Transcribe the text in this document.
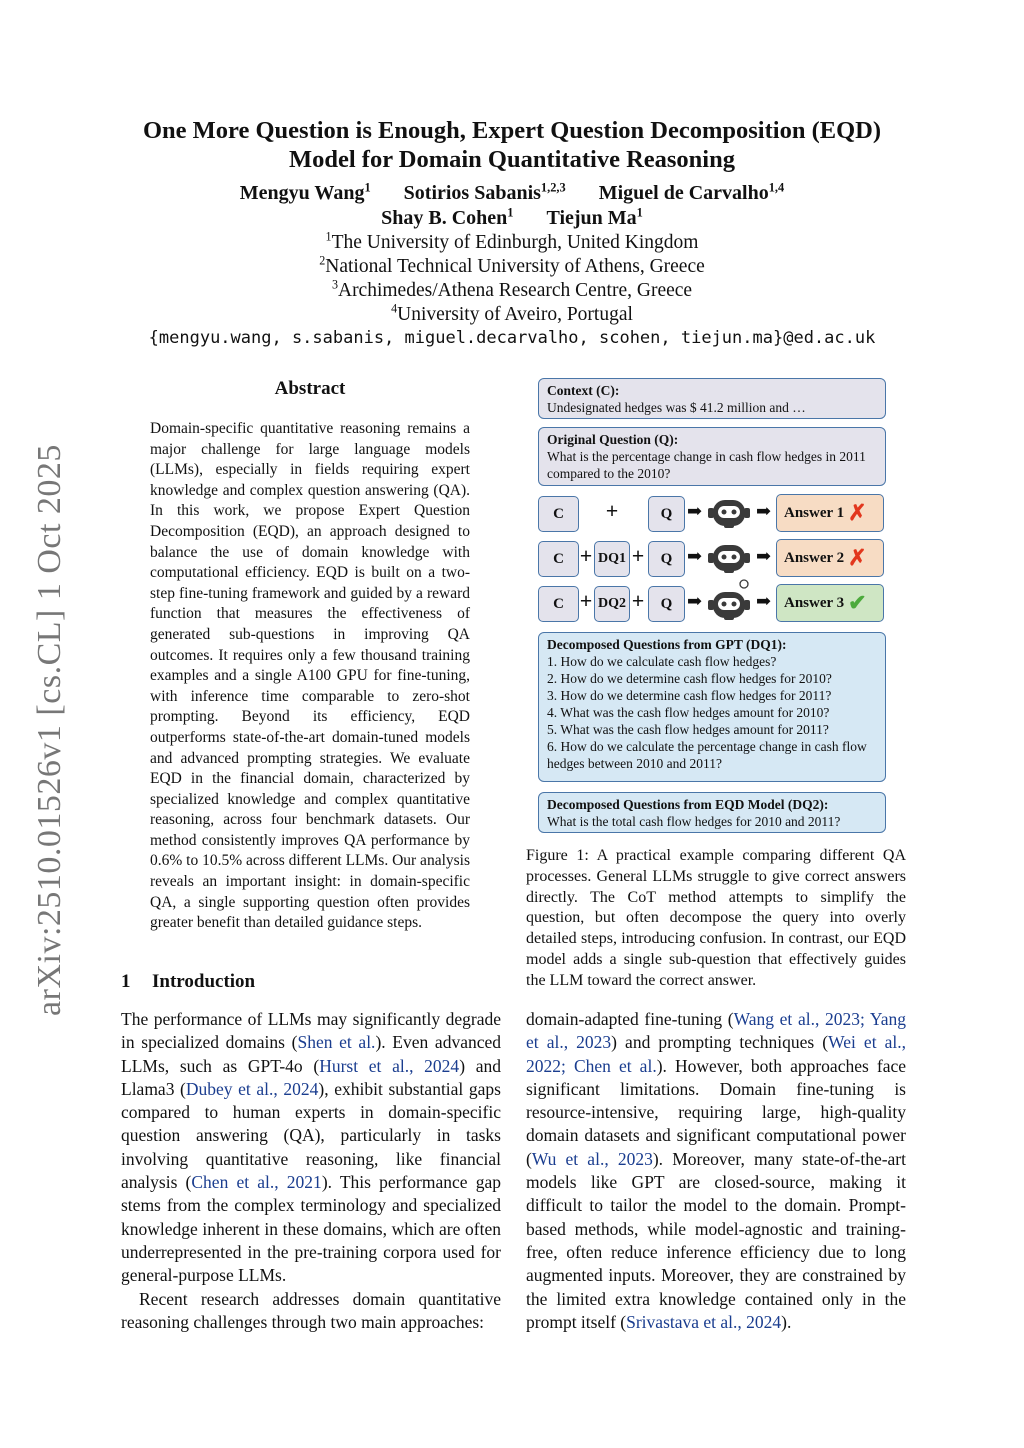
arXiv:2510.01526v1 [cs.CL] 1 Oct 2025
One More Question is Enough, Expert Question Decomposition (EQD)
Model for Domain Quantitative Reasoning
Mengyu Wang$^1$ Sotirios Sabanis$^{1,2,3}$ Miguel de Carvalho$^{1,4}$
Shay B. Cohen$^1$ Tiejun Ma$^1$
$^1$The University of Edinburgh, United Kingdom
$^2$National Technical University of Athens, Greece
$^3$Archimedes/Athena Research Centre, Greece
$^4$University of Aveiro, Portugal
{mengyu.wang, s.sabanis, miguel.decarvalho, scohen, tiejun.ma}@ed.ac.uk
Abstract
Domain-specific quantitative reasoning remains a major challenge for large language models (LLMs), especially in fields requiring expert knowledge and complex question answering (QA). In this work, we propose Expert Question Decomposition (EQD), an approach designed to balance the use of domain knowledge with computational efficiency. EQD is built on a two-step fine-tuning framework and guided by a reward function that measures the effectiveness of generated sub-questions in improving QA outcomes. It requires only a few thousand training examples and a single A100 GPU for fine-tuning, with inference time comparable to zero-shot prompting. Beyond its efficiency, EQD outperforms state-of-the-art domain-tuned models and advanced prompting strategies. We evaluate EQD in the financial domain, characterized by specialized knowledge and complex quantitative reasoning, across four benchmark datasets. Our method consistently improves QA performance by 0.6% to 10.5% across different LLMs. Our analysis reveals an important insight: in domain-specific QA, a single supporting question often provides greater benefit than detailed guidance steps.
1 Introduction

The performance of LLMs may significantly degrade in specialized domains (Shen et al.). Even advanced LLMs, such as GPT-4o (Hurst et al., 2024) and Llama3 (Dubey et al., 2024), exhibit substantial gaps compared to human experts in domain-specific question answering (QA), particularly in tasks involving quantitative reasoning, like financial analysis (Chen et al., 2021). This performance gap stems from the complex terminology and specialized knowledge inherent in these domains, which are often underrepresented in the pre-training corpora used for general-purpose LLMs.

Recent research addresses domain quantitative reasoning challenges through two main approaches:

domain-adapted fine-tuning (Wang et al., 2023; Yang et al., 2023) and prompting techniques (Wei et al., 2022; Chen et al.). However, both approaches face significant limitations. Domain fine-tuning is resource-intensive, requiring large, high-quality domain datasets and significant computational power (Wu et al., 2023). Moreover, many state-of-the-art models like GPT are closed-source, making it difficult to tailor the model to the domain. Prompt-based methods, while model-agnostic and training-free, often reduce inference efficiency due to long augmented inputs. Moreover, they are constrained by the limited extra knowledge contained only in the prompt itself (Srivastava et al., 2024).
Context (C):
Undesignated hedges was $ 41.2 million and …
Original Question (Q):
What is the percentage change in cash flow hedges in 2011 compared to the 2010?
C	+	Q ➡	➡ Answer 1 ✗
C + DQ1 +	Q ➡	➡ Answer 2 ✗
C + DQ2 +	Q ➡	➡ Answer 3 ✔
Decomposed Questions from GPT (DQ1):
1. How do we calculate cash flow hedges?
2. How do we determine cash flow hedges for 2010?
3. How do we determine cash flow hedges for 2011?
4. What was the cash flow hedges amount for 2010?
5. What was the cash flow hedges amount for 2011?
6. How do we calculate the percentage change in cash flow hedges between 2010 and 2011?
Decomposed Questions from EQD Model (DQ2):
What is the total cash flow hedges for 2010 and 2011?
Figure 1: A practical example comparing different QA processes. General LLMs struggle to give correct answers directly. The CoT method attempts to simplify the question, but often decompose the query into overly detailed steps, introducing confusion. In contrast, our EQD model adds a single sub-question that effectively guides the LLM toward the correct answer.
